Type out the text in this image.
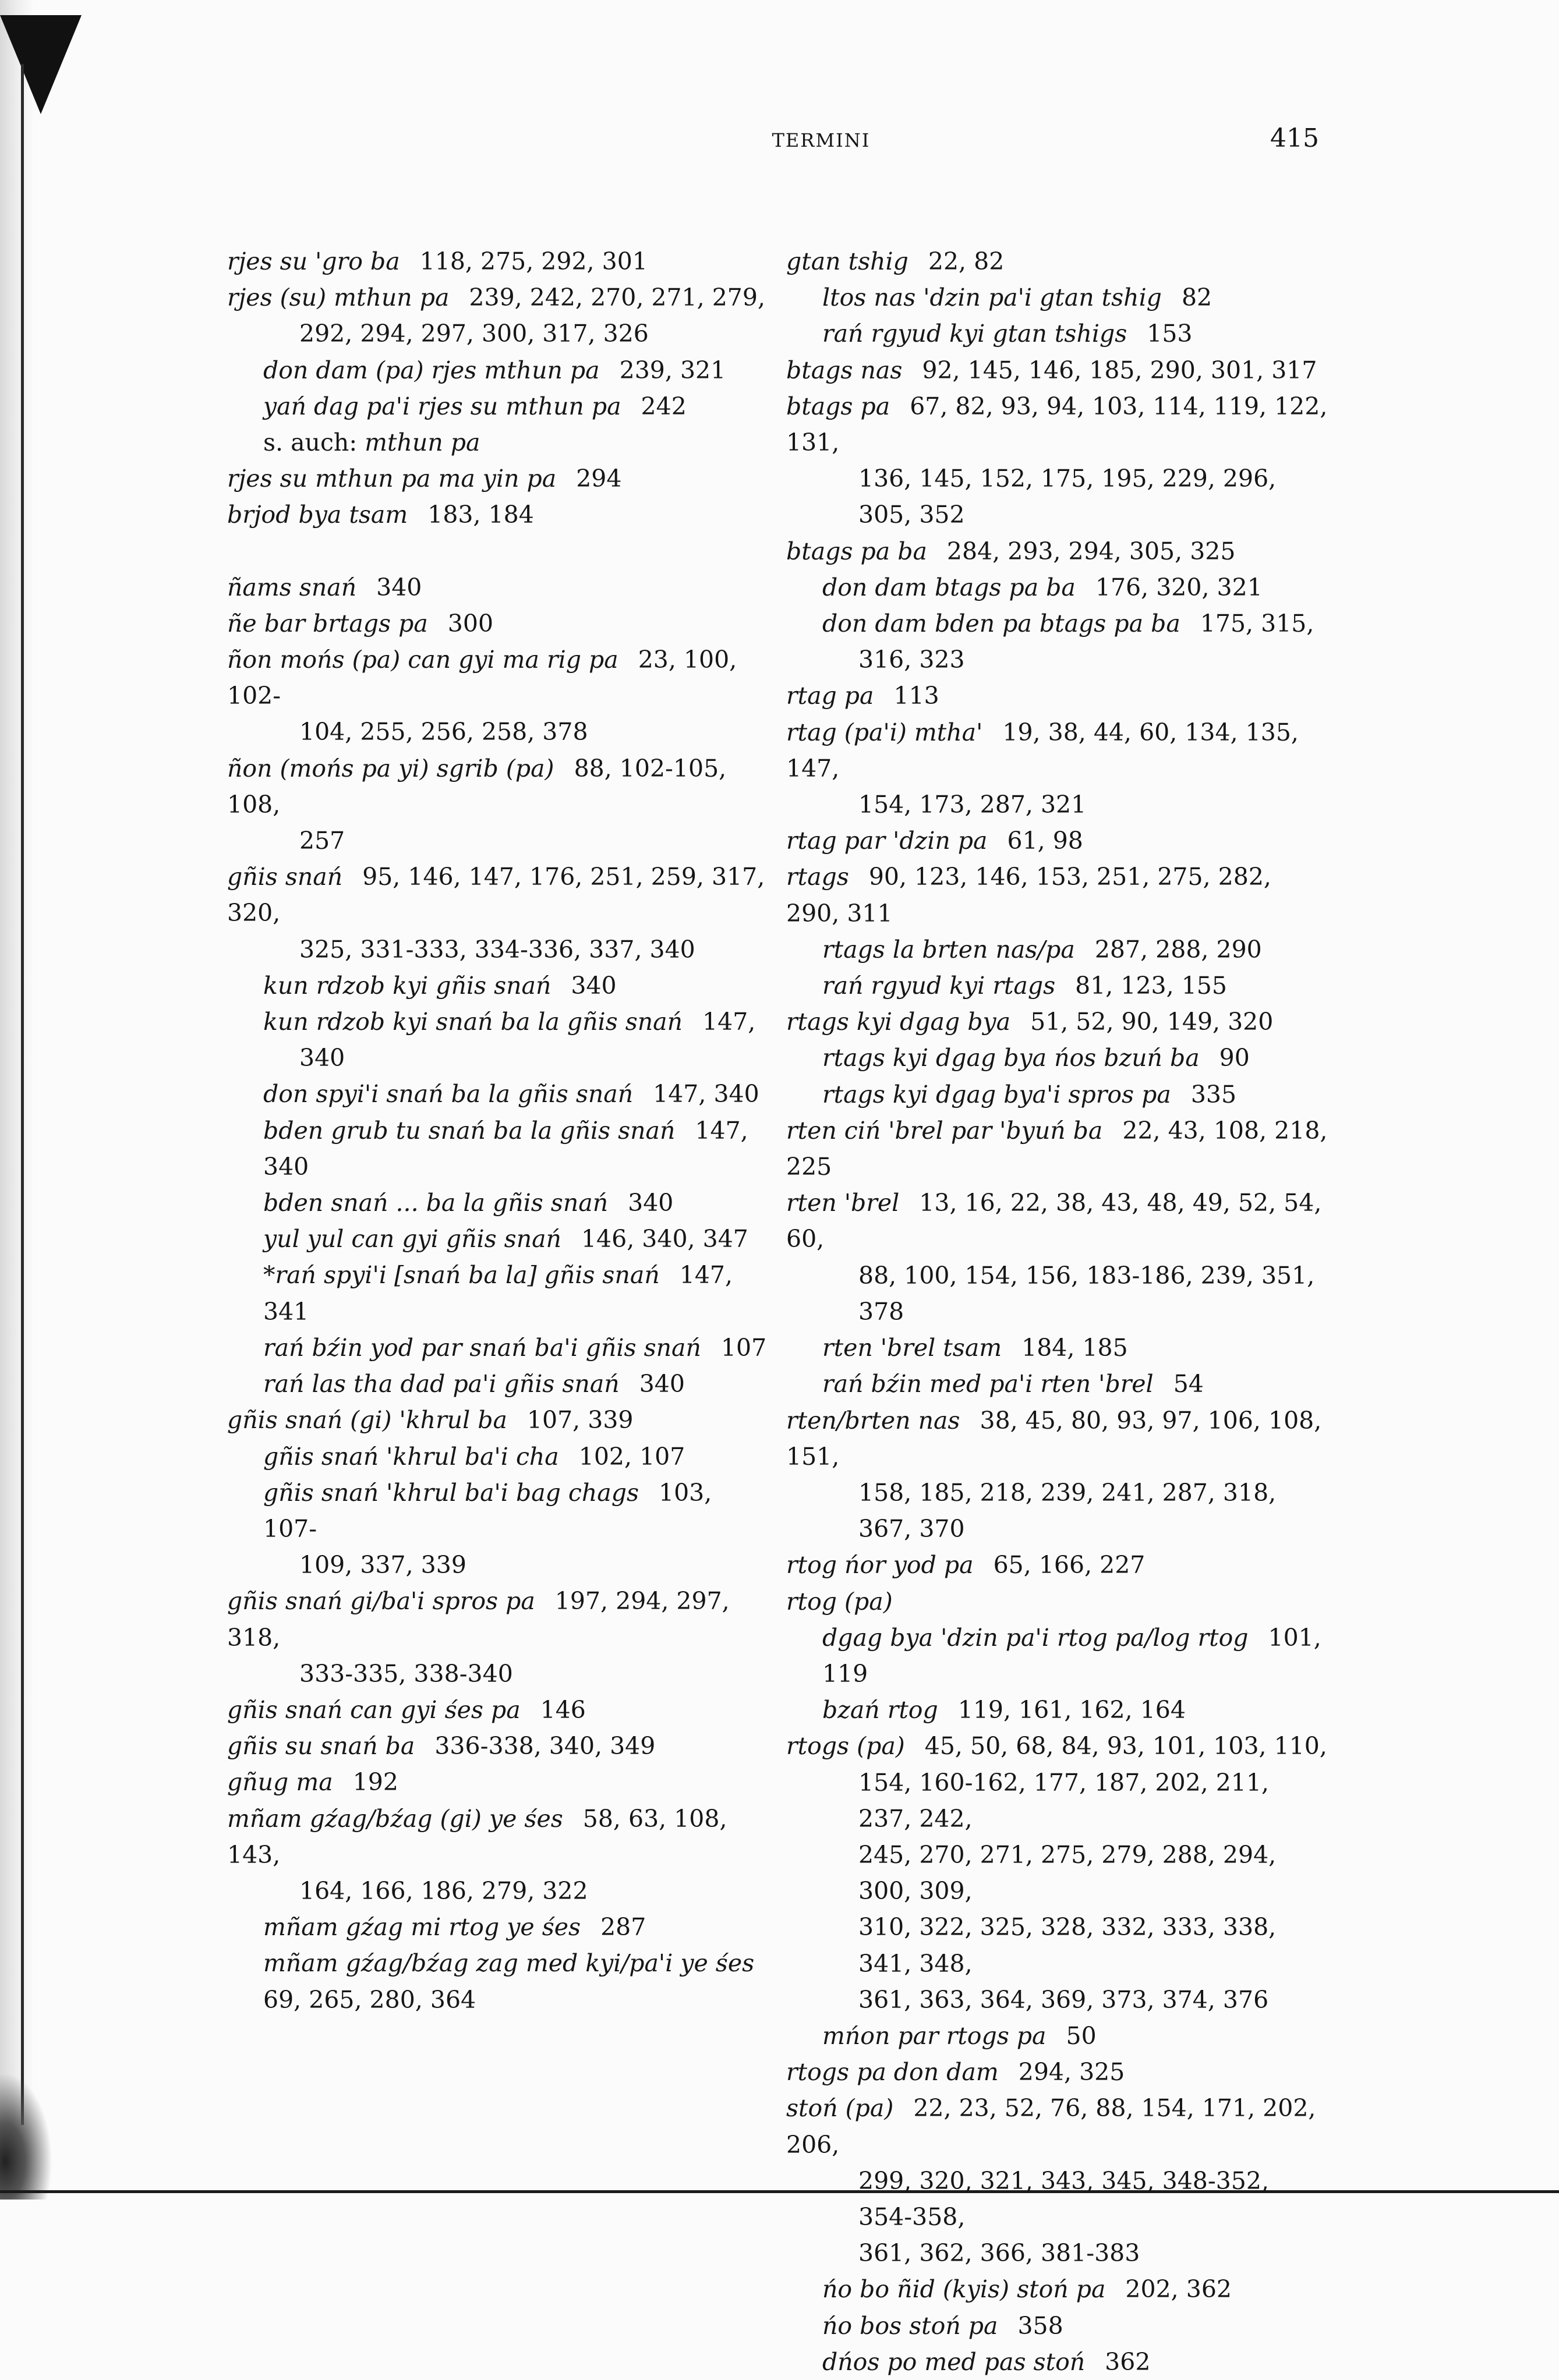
TERMINI	415
rjes su 'gro ba 118, 275, 292, 301
rjes (su) mthun pa 239, 242, 270, 271, 279,
292, 294, 297, 300, 317, 326
don dam (pa) rjes mthun pa 239, 321
yań dag pa'i rjes su mthun pa 242
s. auch: mthun pa
rjes su mthun pa ma yin pa 294
brjod bya tsam 183, 184
ñams snań 340
ñe bar brtags pa 300
ñon mońs (pa) can gyi ma rig pa 23, 100, 102-
104, 255, 256, 258, 378
ñon (mońs pa yi) sgrib (pa) 88, 102-105, 108,
257
gñis snań 95, 146, 147, 176, 251, 259, 317, 320,
325, 331-333, 334-336, 337, 340
kun rdzob kyi gñis snań 340
kun rdzob kyi snań ba la gñis snań 147,
340
don spyi'i snań ba la gñis snań 147, 340
bden grub tu snań ba la gñis snań 147, 340
bden snań ... ba la gñis snań 340
yul yul can gyi gñis snań 146, 340, 347
*rań spyi'i [snań ba la] gñis snań 147, 341
rań bźin yod par snań ba'i gñis snań 107
rań las tha dad pa'i gñis snań 340
gñis snań (gi) 'khrul ba 107, 339
gñis snań 'khrul ba'i cha 102, 107
gñis snań 'khrul ba'i bag chags 103, 107-
109, 337, 339
gñis snań gi/ba'i spros pa 197, 294, 297, 318,
333-335, 338-340
gñis snań can gyi śes pa 146
gñis su snań ba 336-338, 340, 349
gñug ma 192
mñam gźag/bźag (gi) ye śes 58, 63, 108, 143,
164, 166, 186, 279, 322
mñam gźag mi rtog ye śes 287
mñam gźag/bźag zag med kyi/pa'i ye śes
69, 265, 280, 364
gtan tshig 22, 82
ltos nas 'dzin pa'i gtan tshig 82
rań rgyud kyi gtan tshigs 153
btags nas 92, 145, 146, 185, 290, 301, 317
btags pa 67, 82, 93, 94, 103, 114, 119, 122, 131,
136, 145, 152, 175, 195, 229, 296, 305, 352
btags pa ba 284, 293, 294, 305, 325
don dam btags pa ba 176, 320, 321
don dam bden pa btags pa ba 175, 315,
316, 323
rtag pa 113
rtag (pa'i) mtha' 19, 38, 44, 60, 134, 135, 147,
154, 173, 287, 321
rtag par 'dzin pa 61, 98
rtags 90, 123, 146, 153, 251, 275, 282, 290, 311
rtags la brten nas/pa 287, 288, 290
rań rgyud kyi rtags 81, 123, 155
rtags kyi dgag bya 51, 52, 90, 149, 320
rtags kyi dgag bya ńos bzuń ba 90
rtags kyi dgag bya'i spros pa 335
rten ciń 'brel par 'byuń ba 22, 43, 108, 218, 225
rten 'brel 13, 16, 22, 38, 43, 48, 49, 52, 54, 60,
88, 100, 154, 156, 183-186, 239, 351, 378
rten 'brel tsam 184, 185
rań bźin med pa'i rten 'brel 54
rten/brten nas 38, 45, 80, 93, 97, 106, 108, 151,
158, 185, 218, 239, 241, 287, 318, 367, 370
rtog ńor yod pa 65, 166, 227
rtog (pa)
dgag bya 'dzin pa'i rtog pa/log rtog 101, 119
bzań rtog 119, 161, 162, 164
rtogs (pa) 45, 50, 68, 84, 93, 101, 103, 110,
154, 160-162, 177, 187, 202, 211, 237, 242,
245, 270, 271, 275, 279, 288, 294, 300, 309,
310, 322, 325, 328, 332, 333, 338, 341, 348,
361, 363, 364, 369, 373, 374, 376
mńon par rtogs pa 50
rtogs pa don dam 294, 325
stoń (pa) 22, 23, 52, 76, 88, 154, 171, 202, 206,
299, 320, 321, 343, 345, 348-352, 354-358,
361, 362, 366, 381-383
ńo bo ñid (kyis) stoń pa 202, 362
ńo bos stoń pa 358
dńos po med pas stoń 362
